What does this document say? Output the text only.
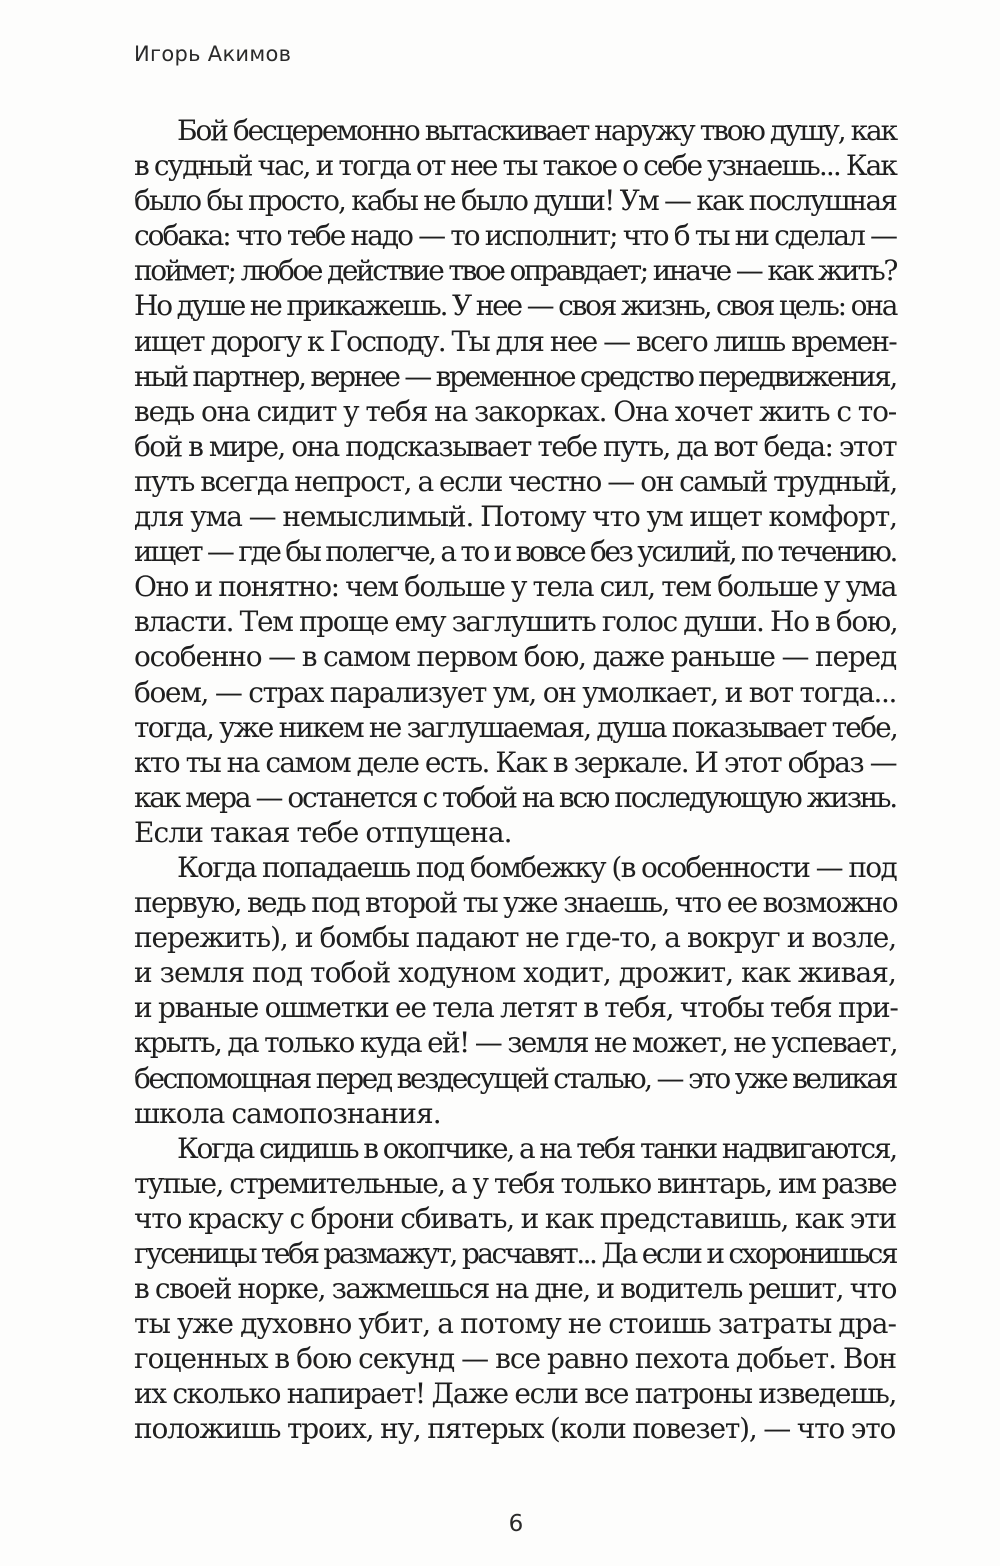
Игорь Акимов
Бой бесцеремонно вытаскивает наружу твою душу, как
в судный час, и тогда от нее ты такое о себе узнаешь... Как
было бы просто, кабы не было души! Ум — как послушная
собака: что тебе надо — то исполнит; что б ты ни сделал —
поймет; любое действие твое оправдает; иначе — как жить?
Но душе не прикажешь. У нее — своя жизнь, своя цель: она
ищет дорогу к Господу. Ты для нее — всего лишь времен-
ный партнер, вернее — временное средство передвижения,
ведь она сидит у тебя на закорках. Она хочет жить с то-
бой в мире, она подсказывает тебе путь, да вот беда: этот
путь всегда непрост, а если честно — он самый трудный,
для ума — немыслимый. Потому что ум ищет комфорт,
ищет — где бы полегче, а то и вовсе без усилий, по течению.
Оно и понятно: чем больше у тела сил, тем больше у ума
власти. Тем проще ему заглушить голос души. Но в бою,
особенно — в самом первом бою, даже раньше — перед
боем, — страх парализует ум, он умолкает, и вот тогда...
тогда, уже никем не заглушаемая, душа показывает тебе,
кто ты на самом деле есть. Как в зеркале. И этот образ —
как мера — останется с тобой на всю последующую жизнь.
Если такая тебе отпущена.
Когда попадаешь под бомбежку (в особенности — под
первую, ведь под второй ты уже знаешь, что ее возможно
пережить), и бомбы падают не где-то, а вокруг и возле,
и земля под тобой ходуном ходит, дрожит, как живая,
и рваные ошметки ее тела летят в тебя, чтобы тебя при-
крыть, да только куда ей! — земля не может, не успевает,
беспомощная перед вездесущей сталью, — это уже великая
школа самопознания.
Когда сидишь в окопчике, а на тебя танки надвигаются,
тупые, стремительные, а у тебя только винтарь, им разве
что краску с брони сбивать, и как представишь, как эти
гусеницы тебя размажут, расчавят... Да если и схоронишься
в своей норке, зажмешься на дне, и водитель решит, что
ты уже духовно убит, а потому не стоишь затраты дра-
гоценных в бою секунд — все равно пехота добьет. Вон
их сколько напирает! Даже если все патроны изведешь,
положишь троих, ну, пятерых (коли повезет), — что это
6
